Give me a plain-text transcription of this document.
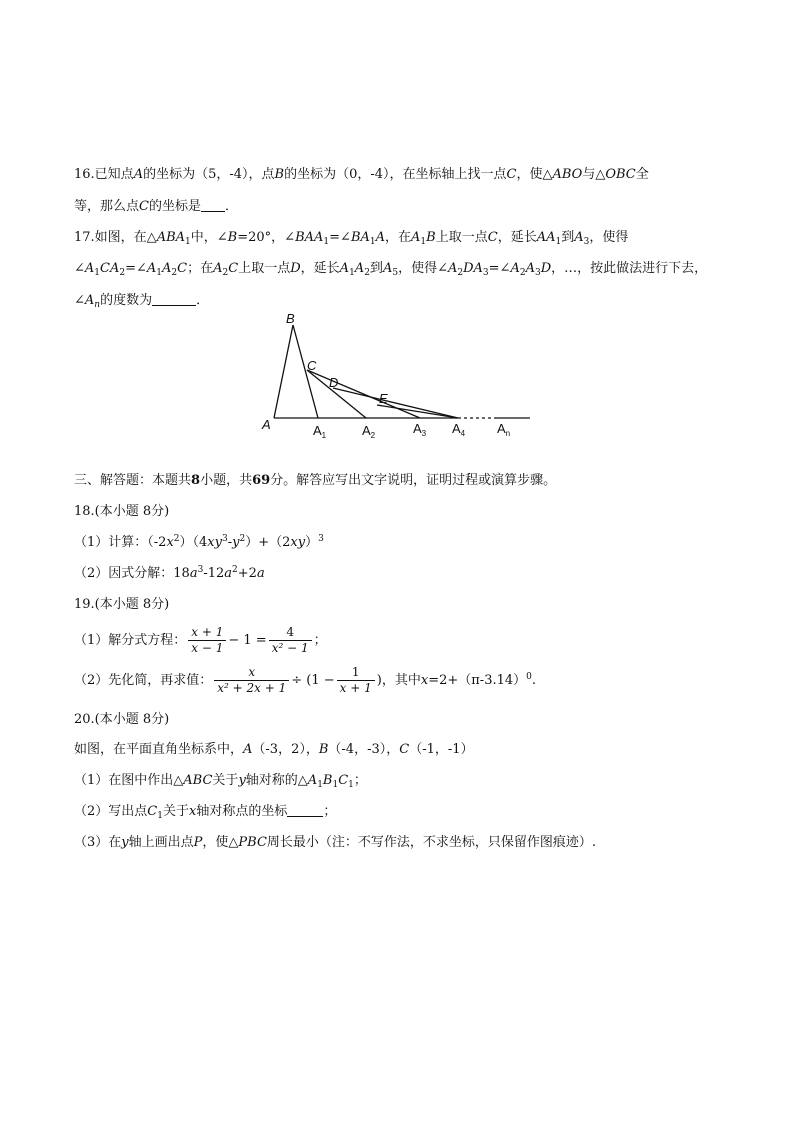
16.已知点A的坐标为（5，-4），点B的坐标为（0，-4），在坐标轴上找一点C，使△ABO与△OBC全
等，那么点C的坐标是 ．
17.如图，在$\triangle ABA_1$中，∠B=20°，$\angle BAA_1=\angle BA_1A$，在$A_1B$上取一点C，延长$AA_1$到$A_3$，使得
$\angle A_1CA_2=\angle A_1A_2C$；在$A_2C$上取一点D，延长$A_1A_2$到$A_5$，使得$\angle A_2DA_3=\angle A_2A_3D$，…，按此做法进行下去，
$\angle A_n$的度数为	．
B
C
D
E
A	$A_1$	$A_2$	$A_3$ $A_4$ $A_n$
三、解答题：本题共8小题，共69分。解答应写出文字说明，证明过程或演算步骤。
18.(本小题 8分)
（1）计算：$(-2x^2)(4xy^3-y^2)+(2xy)^3$
（2）因式分解：$18a^3-12a^2+2a$
19.(本小题 8分)
（1）解分式方程： $\frac{x + 1}{x - 1} - 1 = \frac{4}{\text{x² − 1}}$ ；
（2）先化简，再求值： $\frac{x}{\text{x² + 2x + 1}} \div (1 - \frac{1}{x + 1}$ )，其中$x=2+(\pi-3.14)^0$.
20.(本小题 8分)
如图，在平面直角坐标系中，A（-3，2），B（-4，-3），C（-1，-1）
（1）在图中作出△ABC关于y轴对称的$\triangle A_1B_1C_1$；
（2）写出点$C_1$关于x轴对称点的坐标	；
（3）在y轴上画出点P，使△PBC周长最小（注：不写作法，不求坐标，只保留作图痕迹）.
